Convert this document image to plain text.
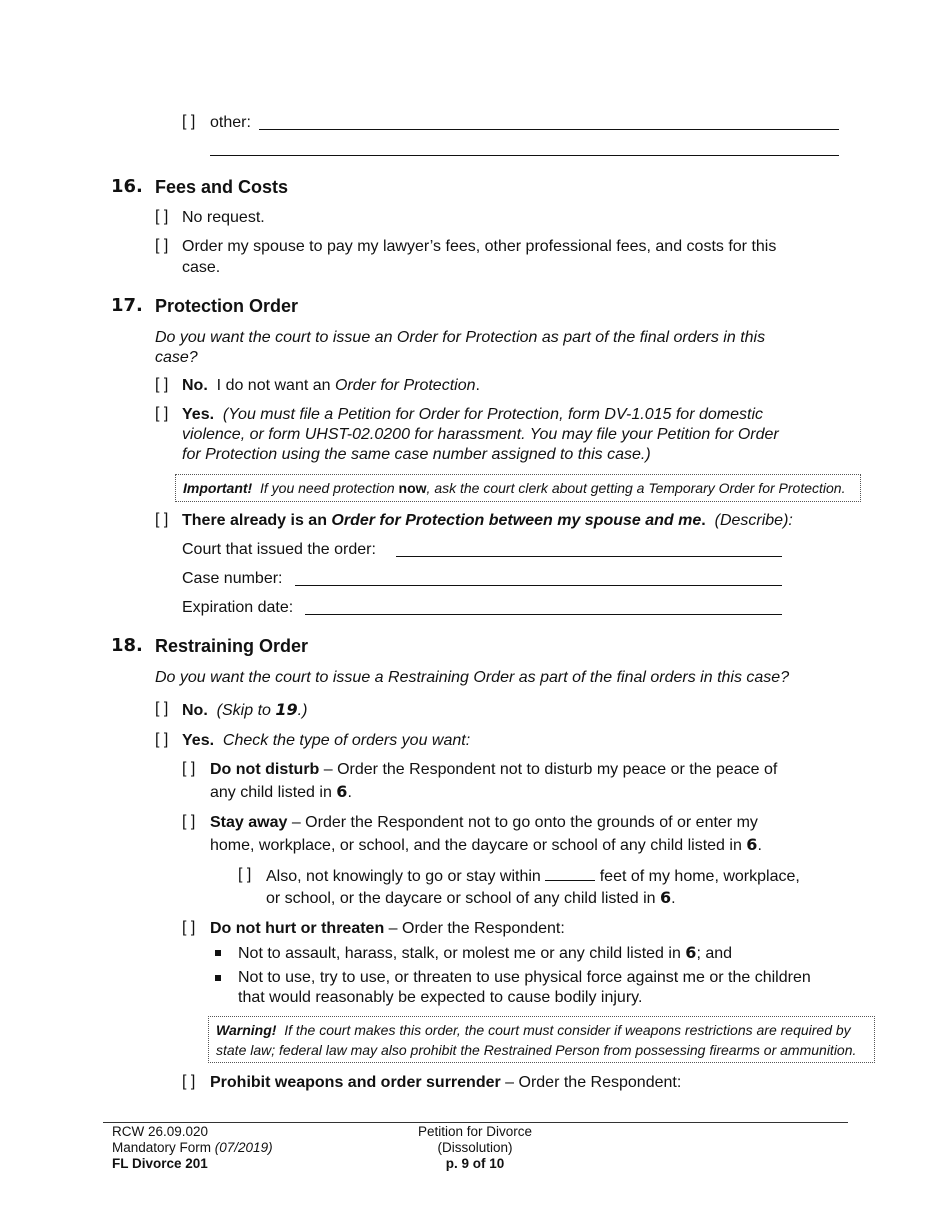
[ ] other:
16. Fees and Costs
[ ] No request.
[ ] Order my spouse to pay my lawyer’s fees, other professional fees, and costs for this
case.
17. Protection Order
Do you want the court to issue an Order for Protection as part of the final orders in this
case?
[ ] No. I do not want an Order for Protection.
[ ] Yes. (You must file a Petition for Order for Protection, form DV-1.015 for domestic
violence, or form UHST-02.0200 for harassment. You may file your Petition for Order
for Protection using the same case number assigned to this case.)
Important! If you need protection now, ask the court clerk about getting a Temporary Order for Protection.
[ ] There already is an Order for Protection between my spouse and me. (Describe):
Court that issued the order:
Case number:
Expiration date:
18. Restraining Order
Do you want the court to issue a Restraining Order as part of the final orders in this case?
[ ] No. (Skip to 19.)
[ ] Yes. Check the type of orders you want:
[ ] Do not disturb – Order the Respondent not to disturb my peace or the peace of
any child listed in 6.
[ ] Stay away – Order the Respondent not to go onto the grounds of or enter my
home, workplace, or school, and the daycare or school of any child listed in 6.
[ ] Also, not knowingly to go or stay within	feet of my home, workplace,
or school, or the daycare or school of any child listed in 6.
[ ] Do not hurt or threaten – Order the Respondent:
Not to assault, harass, stalk, or molest me or any child listed in 6; and
Not to use, try to use, or threaten to use physical force against me or the children
that would reasonably be expected to cause bodily injury.
Warning! If the court makes this order, the court must consider if weapons restrictions are required by
state law; federal law may also prohibit the Restrained Person from possessing firearms or ammunition.
[ ] Prohibit weapons and order surrender – Order the Respondent:
RCW 26.09.020
Mandatory Form (07/2019)
FL Divorce 201
Petition for Divorce
(Dissolution)
p. 9 of 10
